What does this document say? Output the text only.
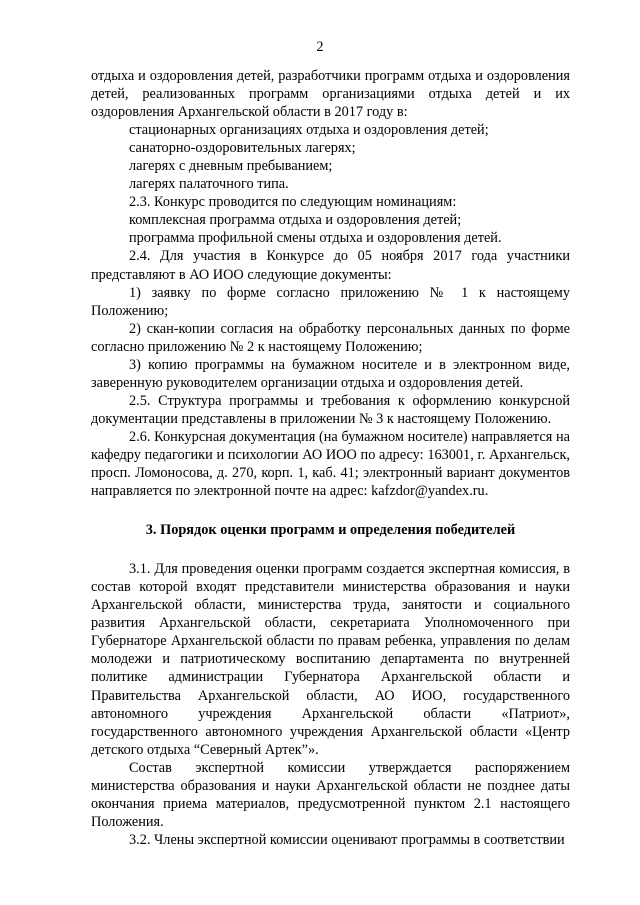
2

отдыха и оздоровления детей, разработчики программ отдыха и оздоровления детей, реализованных программ организациями отдыха детей и их оздоровления Архангельской области в 2017 году в:

стационарных организациях отдыха и оздоровления детей;

санаторно-оздоровительных лагерях;

лагерях с дневным пребыванием;

лагерях палаточного типа.

2.3. Конкурс проводится по следующим номинациям:

комплексная программа отдыха и оздоровления детей;

программа профильной смены отдыха и оздоровления детей.

2.4. Для участия в Конкурсе до 05 ноября 2017 года участники представляют в АО ИОО следующие документы:

1) заявку по форме согласно приложению № 1 к настоящему Положению;

2) скан-копии согласия на обработку персональных данных по форме согласно приложению № 2 к настоящему Положению;

3) копию программы на бумажном носителе и в электронном виде, заверенную руководителем организации отдыха и оздоровления детей.

2.5. Структура программы и требования к оформлению конкурсной документации представлены в приложении № 3 к настоящему Положению.

2.6. Конкурсная документация (на бумажном носителе) направляется на кафедру педагогики и психологии АО ИОО по адресу: 163001, г. Архангельск, просп. Ломоносова, д. 270, корп. 1, каб. 41; электронный вариант документов направляется по электронной почте на адрес: kafzdor@yandex.ru.

3. Порядок оценки программ и определения победителей

3.1. Для проведения оценки программ создается экспертная комиссия, в состав которой входят представители министерства образования и науки Архангельской области, министерства труда, занятости и социального развития Архангельской области, секретариата Уполномоченного при Губернаторе Архангельской области по правам ребенка, управления по делам молодежи и патриотическому воспитанию департамента по внутренней политике администрации Губернатора Архангельской области и Правительства Архангельской области, АО ИОО, государственного автономного учреждения Архангельской области «Патриот», государственного автономного учреждения Архангельской области «Центр детского отдыха “Северный Артек”».

Состав экспертной комиссии утверждается распоряжением министерства образования и науки Архангельской области не позднее даты окончания приема материалов, предусмотренной пунктом 2.1 настоящего Положения.

3.2. Члены экспертной комиссии оценивают программы в соответствии
